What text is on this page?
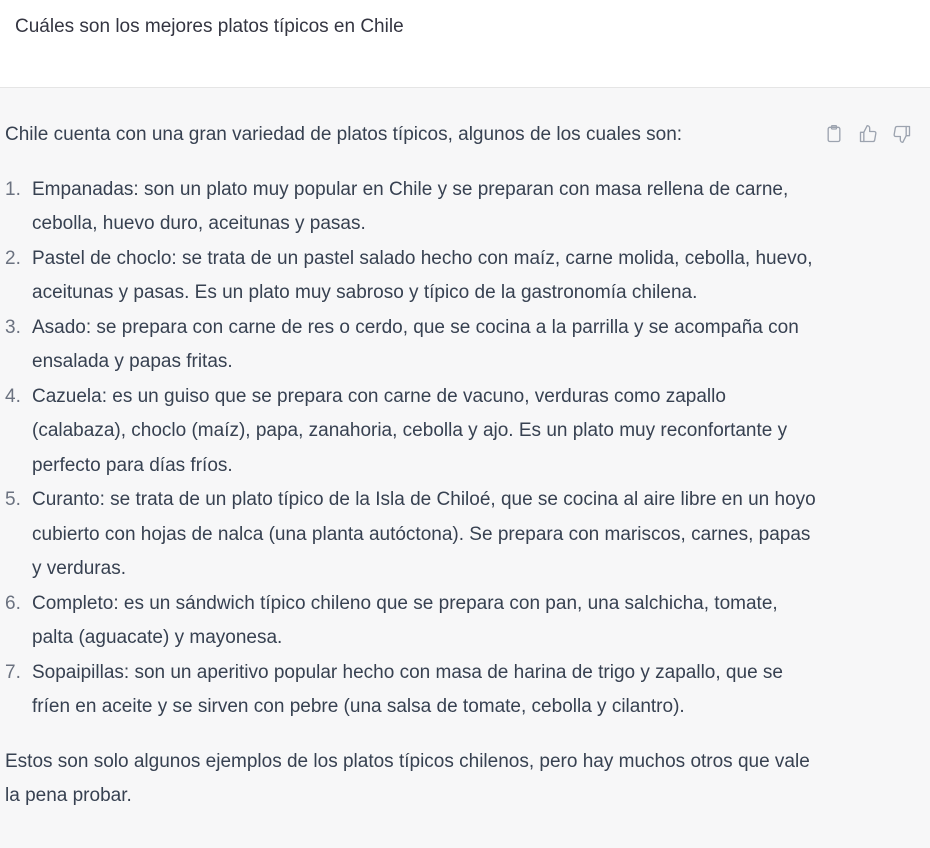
Cuáles son los mejores platos típicos en Chile

Chile cuenta con una gran variedad de platos típicos, algunos de los cuales son:

1. Empanadas: son un plato muy popular en Chile y se preparan con masa rellena de carne, cebolla, huevo duro, aceitunas y pasas.
2. Pastel de choclo: se trata de un pastel salado hecho con maíz, carne molida, cebolla, huevo, aceitunas y pasas. Es un plato muy sabroso y típico de la gastronomía chilena.
3. Asado: se prepara con carne de res o cerdo, que se cocina a la parrilla y se acompaña con ensalada y papas fritas.
4. Cazuela: es un guiso que se prepara con carne de vacuno, verduras como zapallo (calabaza), choclo (maíz), papa, zanahoria, cebolla y ajo. Es un plato muy reconfortante y perfecto para días fríos.
5. Curanto: se trata de un plato típico de la Isla de Chiloé, que se cocina al aire libre en un hoyo cubierto con hojas de nalca (una planta autóctona). Se prepara con mariscos, carnes, papas y verduras.
6. Completo: es un sándwich típico chileno que se prepara con pan, una salchicha, tomate, palta (aguacate) y mayonesa.
7. Sopaipillas: son un aperitivo popular hecho con masa de harina de trigo y zapallo, que se fríen en aceite y se sirven con pebre (una salsa de tomate, cebolla y cilantro).

Estos son solo algunos ejemplos de los platos típicos chilenos, pero hay muchos otros que vale la pena probar.
